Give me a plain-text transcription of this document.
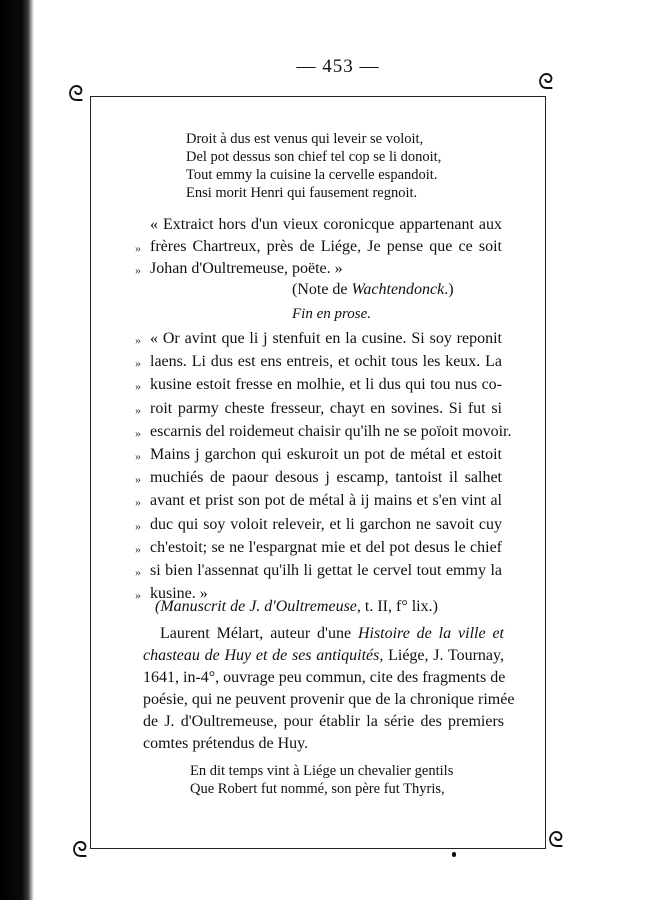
— 453 —
ᘓ	ᘓ
ᘓ	ᘓ
Droit à dus est venus qui leveir se voloit,
Del pot dessus son chief tel cop se li donoit,
Tout emmy la cuisine la cervelle espandoit.
Ensi morit Henri qui fausement regnoit.
« Extraict hors d'un vieux coronicque appartenant aux
» frères Chartreux, près de Liége, Je pense que ce soit
» Johan d'Oultremeuse, poëte. »
(Note de Wachtendonck.)
Fin en prose.
» « Or avint que li j stenfuit en la cusine. Si soy reponit
» laens. Li dus est ens entreis, et ochit tous les keux. La
» kusine estoit fresse en molhie, et li dus qui tou nus co-
» roit parmy cheste fresseur, chayt en sovines. Si fut si
» escarnis del roidemeut chaisir qu'ilh ne se poïoit movoir.
» Mains j garchon qui eskuroit un pot de métal et estoit
» muchiés de paour desous j escamp, tantoist il salhet
» avant et prist son pot de métal à ij mains et s'en vint al
» duc qui soy voloit releveir, et li garchon ne savoit cuy
» ch'estoit; se ne l'espargnat mie et del pot desus le chief
» si bien l'assennat qu'ilh li gettat le cervel tout emmy la
» kusine. »
(Manuscrit de J. d'Oultremeuse, t. II, f° lix.)
Laurent Mélart, auteur d'une Histoire de la ville et
chasteau de Huy et de ses antiquités, Liége, J. Tournay,
1641, in-4°, ouvrage peu commun, cite des fragments de
poésie, qui ne peuvent provenir que de la chronique rimée
de J. d'Oultremeuse, pour établir la série des premiers
comtes prétendus de Huy.
En dit temps vint à Liége un chevalier gentils
Que Robert fut nommé, son père fut Thyris,
